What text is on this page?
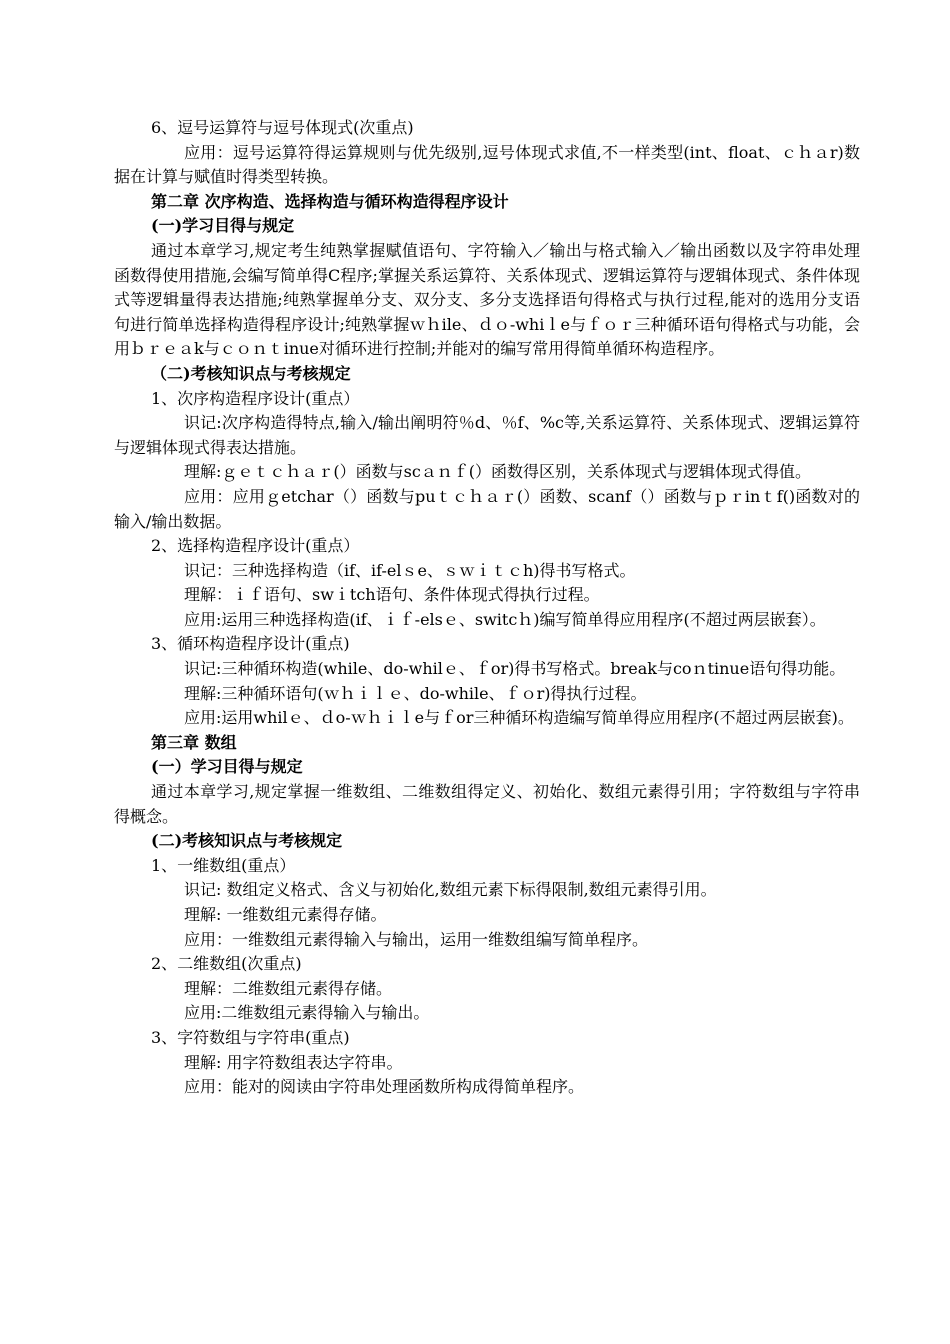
6、逗号运算符与逗号体现式(次重点)

应用：逗号运算符得运算规则与优先级别,逗号体现式求值,不一样类型(int、float、ｃｈａr)数据在计算与赋值时得类型转换。

第二章 次序构造、选择构造与循环构造得程序设计

(一)学习目得与规定

通过本章学习,规定考生纯熟掌握赋值语句、字符输入／输出与格式输入／输出函数以及字符串处理函数得使用措施,会编写简单得C程序;掌握关系运算符、关系体现式、逻辑运算符与逻辑体现式、条件体现式等逻辑量得表达措施;纯熟掌握单分支、双分支、多分支选择语句得格式与执行过程,能对的选用分支语句进行简单选择构造得程序设计;纯熟掌握ｗｈile、ｄｏ-whiｌe与ｆｏｒ三种循环语句得格式与功能，会用ｂｒｅａk与ｃｏｎｔinue对循环进行控制;并能对的编写常用得简单循环构造程序。

（二)考核知识点与考核规定

1、次序构造程序设计(重点）

识记:次序构造得特点,输入/输出阐明符％d、％f、%c等,关系运算符、关系体现式、逻辑运算符与逻辑体现式得表达措施。

理解:ｇｅｔｃｈａｒ(）函数与scａｎｆ(）函数得区别，关系体现式与逻辑体现式得值。

应用：应用ｇetchar（）函数与puｔｃｈａｒ(）函数、scanf（）函数与ｐｒinｔf()函数对的输入/输出数据。

2、选择构造程序设计(重点）

识记：三种选择构造（if、if-elｓe、ｓｗｉｔｃh)得书写格式。

理解：ｉｆ语句、swｉtch语句、条件体现式得执行过程。

应用:运用三种选择构造(if、ｉｆ-elsｅ、switcｈ)编写简单得应用程序(不超过两层嵌套）。

3、循环构造程序设计(重点)

识记:三种循环构造(while、do-whilｅ、ｆor)得书写格式。break与coｎtinue语句得功能。

理解:三种循环语句(ｗｈｉｌｅ、do-while、ｆｏr)得执行过程。

应用:运用whilｅ、ｄo-ｗｈｉｌe与ｆor三种循环构造编写简单得应用程序(不超过两层嵌套)。

第三章 数组

(一）学习目得与规定

通过本章学习,规定掌握一维数组、二维数组得定义、初始化、数组元素得引用；字符数组与字符串得概念。

(二)考核知识点与考核规定

1、一维数组(重点）

识记: 数组定义格式、含义与初始化,数组元素下标得限制,数组元素得引用。

理解: 一维数组元素得存储。

应用：一维数组元素得输入与输出，运用一维数组编写简单程序。

2、二维数组(次重点)

理解：二维数组元素得存储。

应用:二维数组元素得输入与输出。

3、字符数组与字符串(重点)

理解: 用字符数组表达字符串。

应用：能对的阅读由字符串处理函数所构成得简单程序。
